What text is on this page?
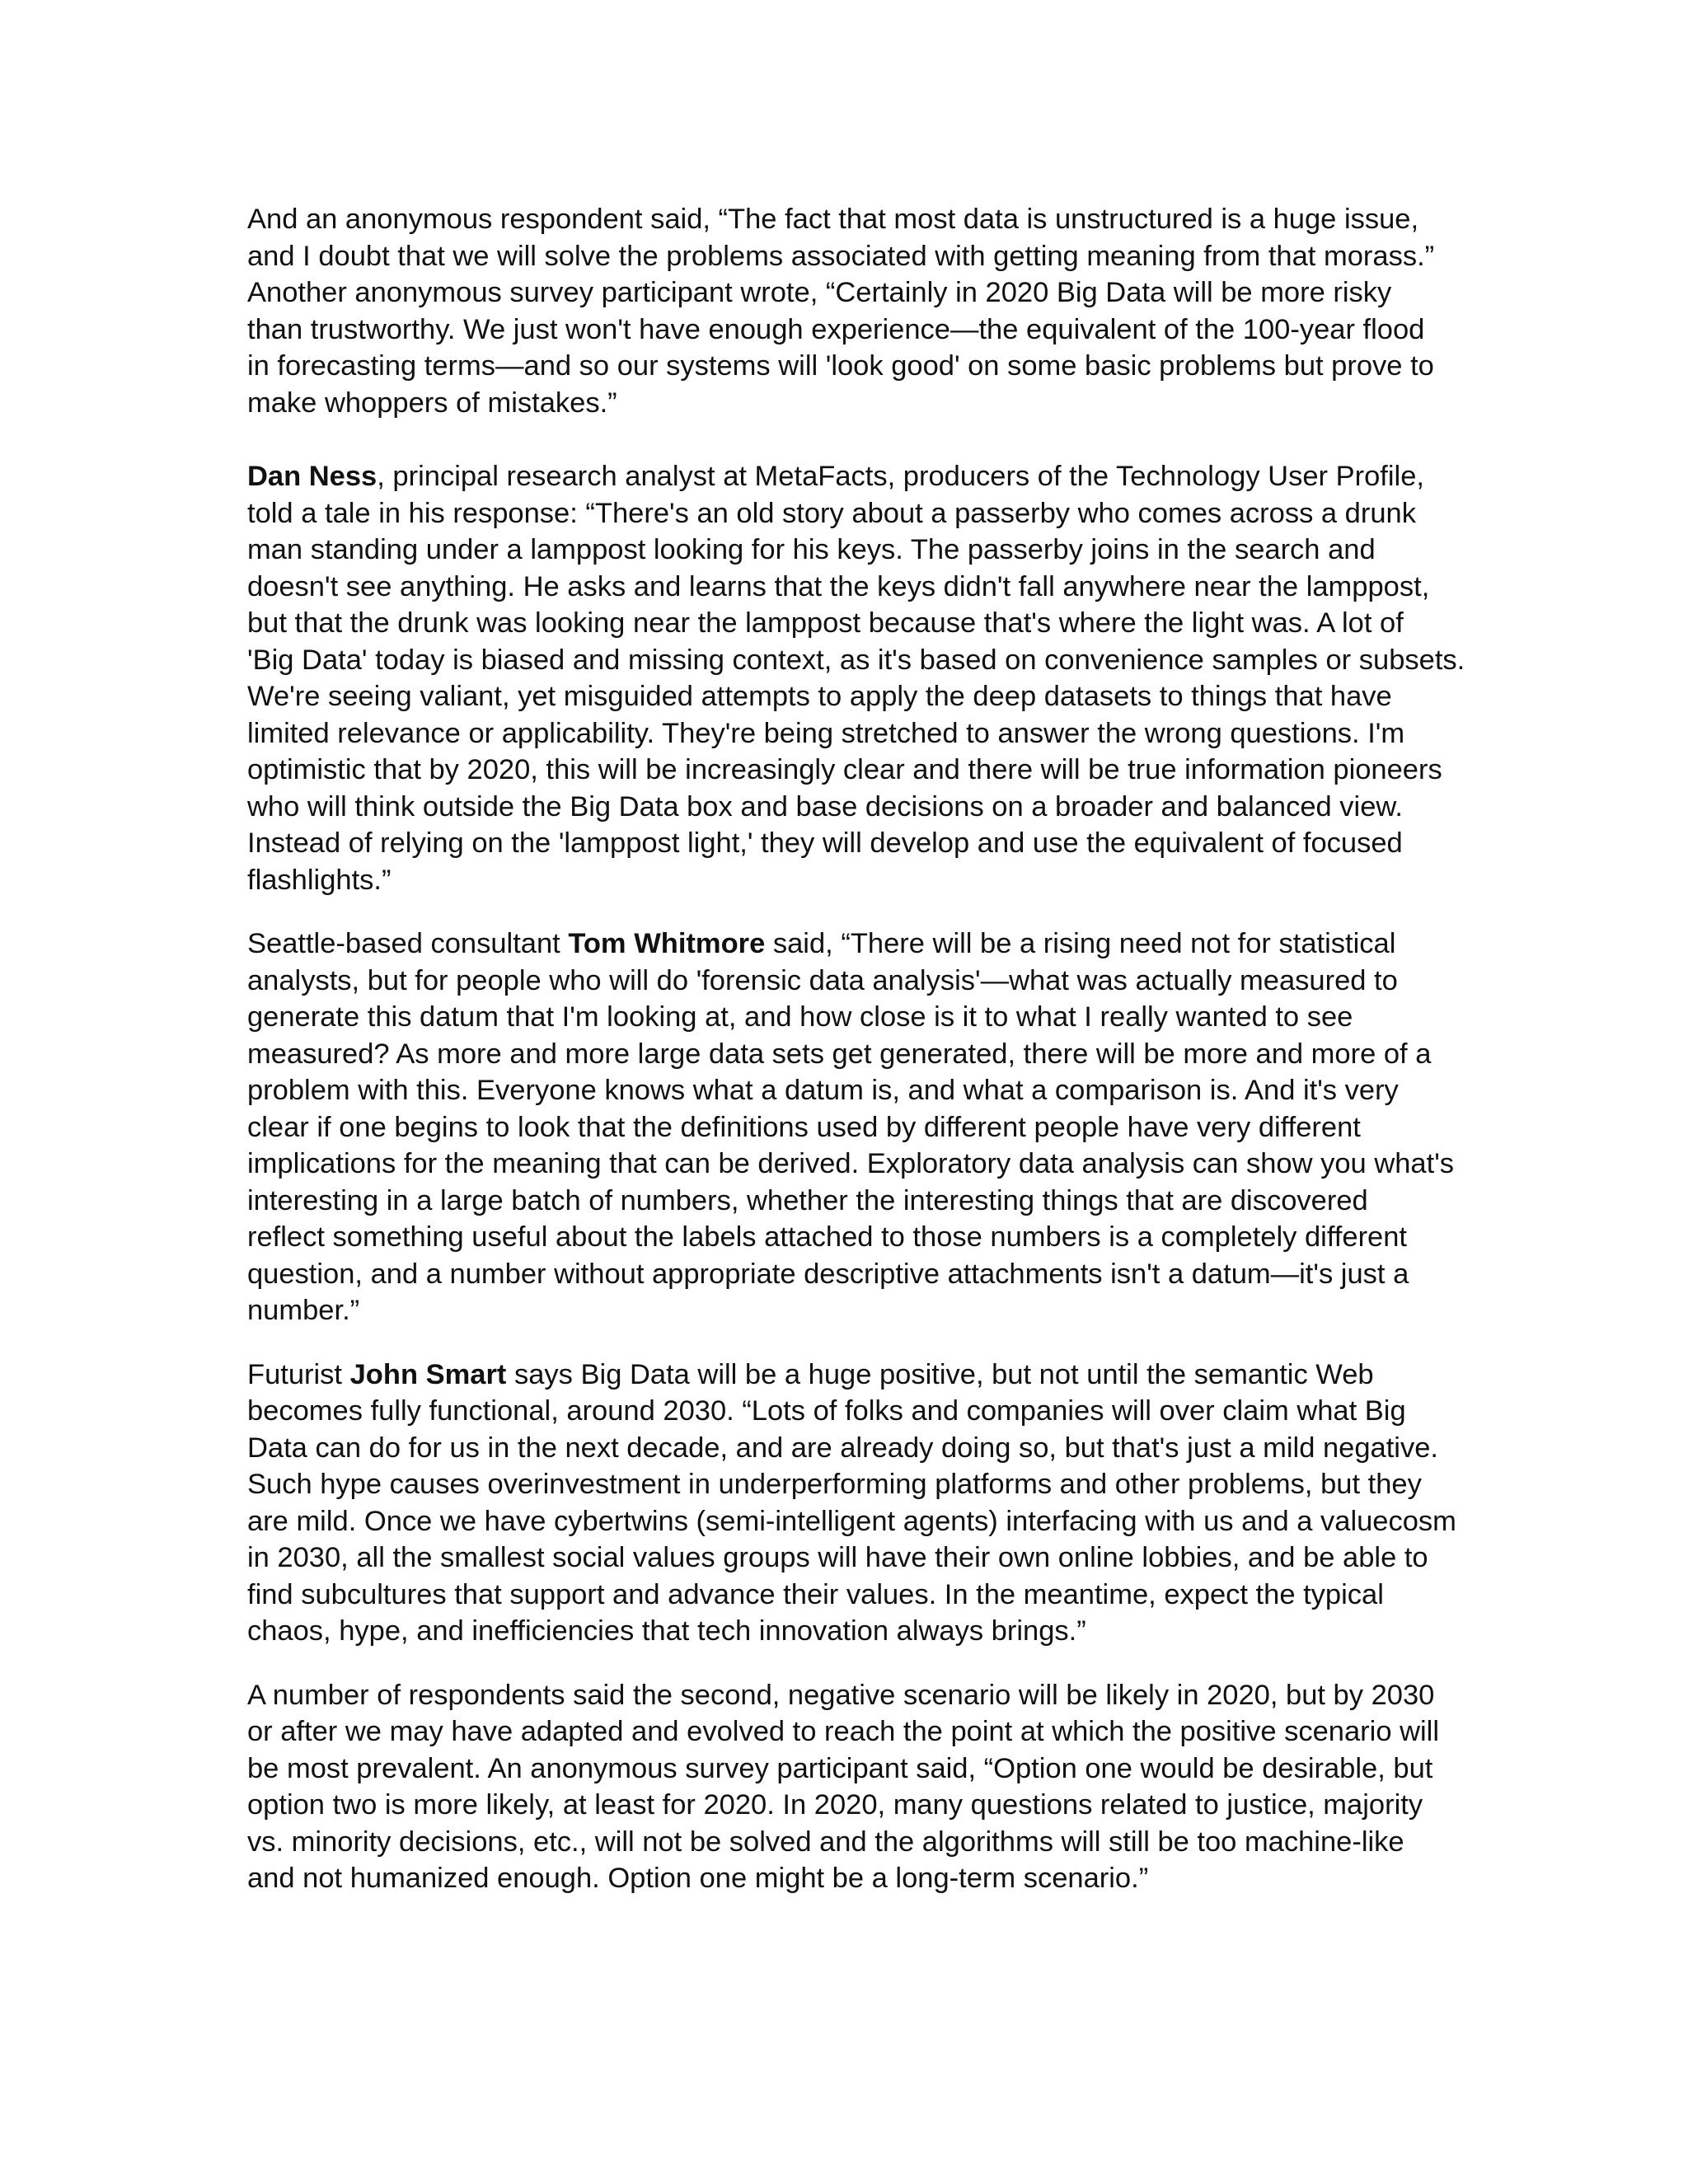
And an anonymous respondent said, “The fact that most data is unstructured is a huge issue,
and I doubt that we will solve the problems associated with getting meaning from that morass.”
Another anonymous survey participant wrote, “Certainly in 2020 Big Data will be more risky
than trustworthy. We just won't have enough experience—the equivalent of the 100-year flood
in forecasting terms—and so our systems will 'look good' on some basic problems but prove to
make whoppers of mistakes.”

Dan Ness, principal research analyst at MetaFacts, producers of the Technology User Profile,
told a tale in his response: “There's an old story about a passerby who comes across a drunk
man standing under a lamppost looking for his keys. The passerby joins in the search and
doesn't see anything. He asks and learns that the keys didn't fall anywhere near the lamppost,
but that the drunk was looking near the lamppost because that's where the light was. A lot of
'Big Data' today is biased and missing context, as it's based on convenience samples or subsets.
We're seeing valiant, yet misguided attempts to apply the deep datasets to things that have
limited relevance or applicability. They're being stretched to answer the wrong questions. I'm
optimistic that by 2020, this will be increasingly clear and there will be true information pioneers
who will think outside the Big Data box and base decisions on a broader and balanced view.
Instead of relying on the 'lamppost light,' they will develop and use the equivalent of focused
flashlights.”

Seattle-based consultant Tom Whitmore said, “There will be a rising need not for statistical
analysts, but for people who will do 'forensic data analysis'—what was actually measured to
generate this datum that I'm looking at, and how close is it to what I really wanted to see
measured? As more and more large data sets get generated, there will be more and more of a
problem with this. Everyone knows what a datum is, and what a comparison is. And it's very
clear if one begins to look that the definitions used by different people have very different
implications for the meaning that can be derived. Exploratory data analysis can show you what's
interesting in a large batch of numbers, whether the interesting things that are discovered
reflect something useful about the labels attached to those numbers is a completely different
question, and a number without appropriate descriptive attachments isn't a datum—it's just a
number.”

Futurist John Smart says Big Data will be a huge positive, but not until the semantic Web
becomes fully functional, around 2030. “Lots of folks and companies will over claim what Big
Data can do for us in the next decade, and are already doing so, but that's just a mild negative.
Such hype causes overinvestment in underperforming platforms and other problems, but they
are mild. Once we have cybertwins (semi-intelligent agents) interfacing with us and a valuecosm
in 2030, all the smallest social values groups will have their own online lobbies, and be able to
find subcultures that support and advance their values. In the meantime, expect the typical
chaos, hype, and inefficiencies that tech innovation always brings.”

A number of respondents said the second, negative scenario will be likely in 2020, but by 2030
or after we may have adapted and evolved to reach the point at which the positive scenario will
be most prevalent. An anonymous survey participant said, “Option one would be desirable, but
option two is more likely, at least for 2020. In 2020, many questions related to justice, majority
vs. minority decisions, etc., will not be solved and the algorithms will still be too machine-like
and not humanized enough. Option one might be a long-term scenario.”
